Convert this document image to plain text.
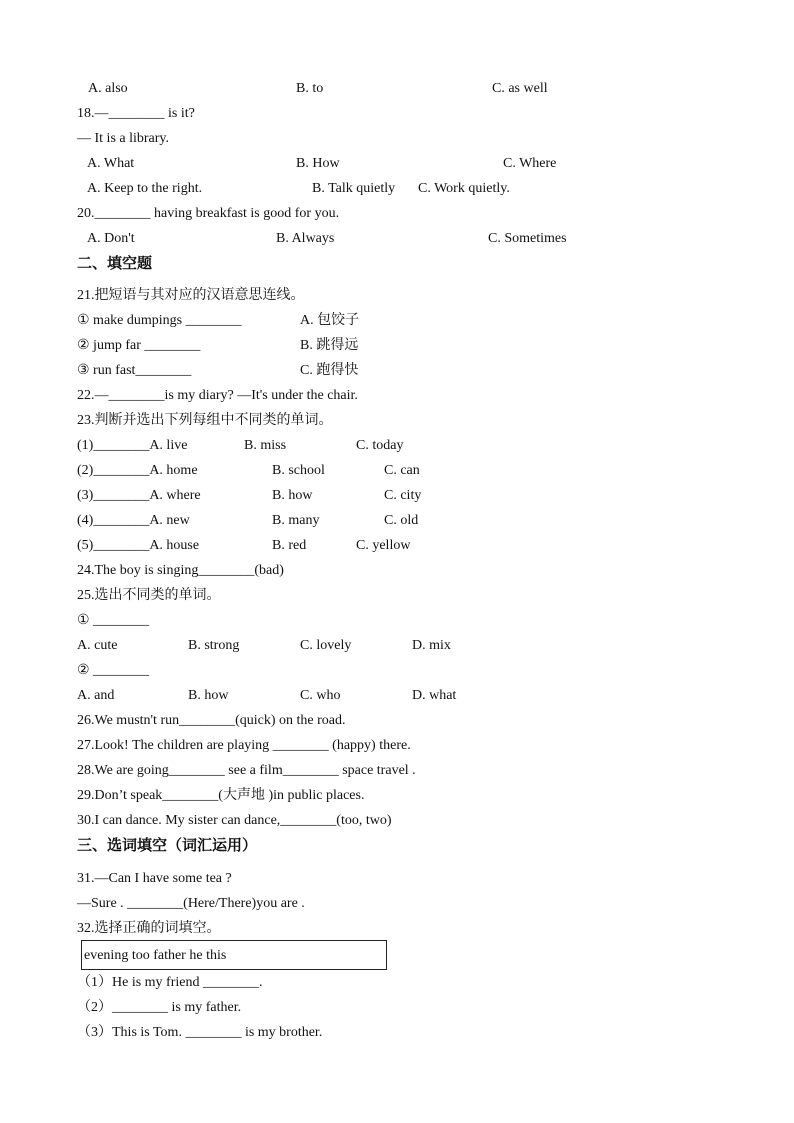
A. also	B. to	C. as well
18.—________ is it?
— It is a library.
A. What	B. How	C. Where
A. Keep to the right.	B. Talk quietly C. Work quietly.
20.________ having breakfast is good for you.
A. Don't	B. Always	C. Sometimes
二、填空题
21.把短语与其对应的汉语意思连线。
① make dumpings ________	A. 包饺子
② jump far ________	B. 跳得远
③ run fast________	C. 跑得快
22.—________is my diary? —It's under the chair.
23.判断并选出下列每组中不同类的单词。
(1)________A. live	B. miss	C. today
(2)________A. home	B. school	C. can
(3)________A. where	B. how	C. city
(4)________A. new	B. many	C. old
(5)________A. house	B. red	C. yellow
24.The boy is singing________(bad)
25.选出不同类的单词。
① ________
A. cute	B. strong	C. lovely	D. mix
② ________
A. and	B. how	C. who	D. what
26.We mustn't run________(quick) on the road.
27.Look! The children are playing ________ (happy) there.
28.We are going________ see a film________ space travel .
29.Don’t speak________(大声地 )in public places.
30.I can dance. My sister can dance,________(too, two)
三、选词填空（词汇运用）
31.—Can I have some tea ?
—Sure . ________(Here/There)you are .
32.选择正确的词填空。
evening too father he this
（1）He is my friend ________.
（2）________ is my father.
（3）This is Tom. ________ is my brother.
